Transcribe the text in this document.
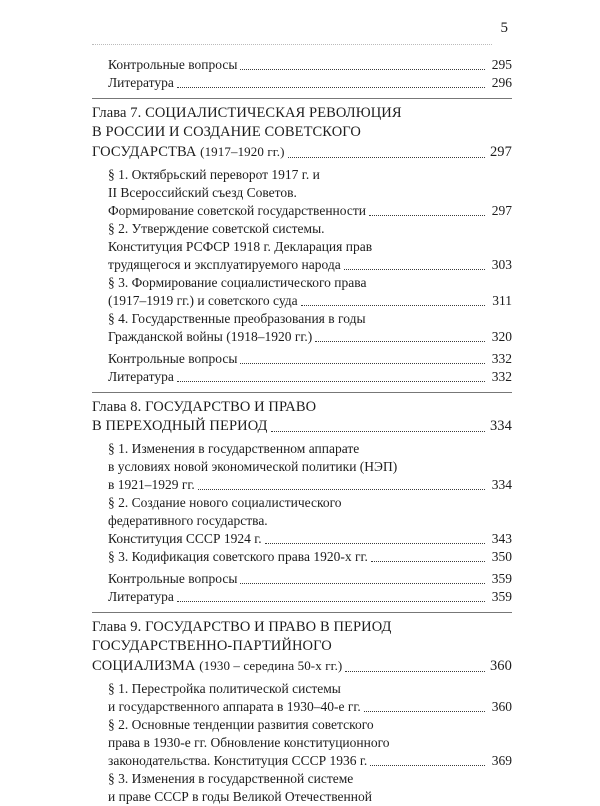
5
Контрольные вопросы	295
Литература	296
Глава 7. СОЦИАЛИСТИЧЕСКАЯ РЕВОЛЮЦИЯ
В РОССИИ И СОЗДАНИЕ СОВЕТСКОГО
ГОСУДАРСТВА (1917–1920 гг.)	297
§ 1. Октябрьский переворот 1917 г. и
II Всероссийский съезд Советов.
Формирование советской государственности	297
§ 2. Утверждение советской системы.
Конституция РСФСР 1918 г. Декларация прав
трудящегося и эксплуатируемого народа	303
§ 3. Формирование социалистического права
(1917–1919 гг.) и советского суда	311
§ 4. Государственные преобразования в годы
Гражданской войны (1918–1920 гг.)	320
Контрольные вопросы	332
Литература	332
Глава 8. ГОСУДАРСТВО И ПРАВО
В ПЕРЕХОДНЫЙ ПЕРИОД	334
§ 1. Изменения в государственном аппарате
в условиях новой экономической политики (НЭП)
в 1921–1929 гг.	334
§ 2. Создание нового социалистического
федеративного государства.
Конституция СССР 1924 г.	343
§ 3. Кодификация советского права 1920-х гг.	350
Контрольные вопросы	359
Литература	359
Глава 9. ГОСУДАРСТВО И ПРАВО В ПЕРИОД
ГОСУДАРСТВЕННО-ПАРТИЙНОГО
СОЦИАЛИЗМА (1930 – середина 50-х гг.)	360
§ 1. Перестройка политической системы
и государственного аппарата в 1930–40-е гг.	360
§ 2. Основные тенденции развития советского
права в 1930-е гг. Обновление конституционного
законодательства. Конституция СССР 1936 г.	369
§ 3. Изменения в государственной системе
и праве СССР в годы Великой Отечественной
